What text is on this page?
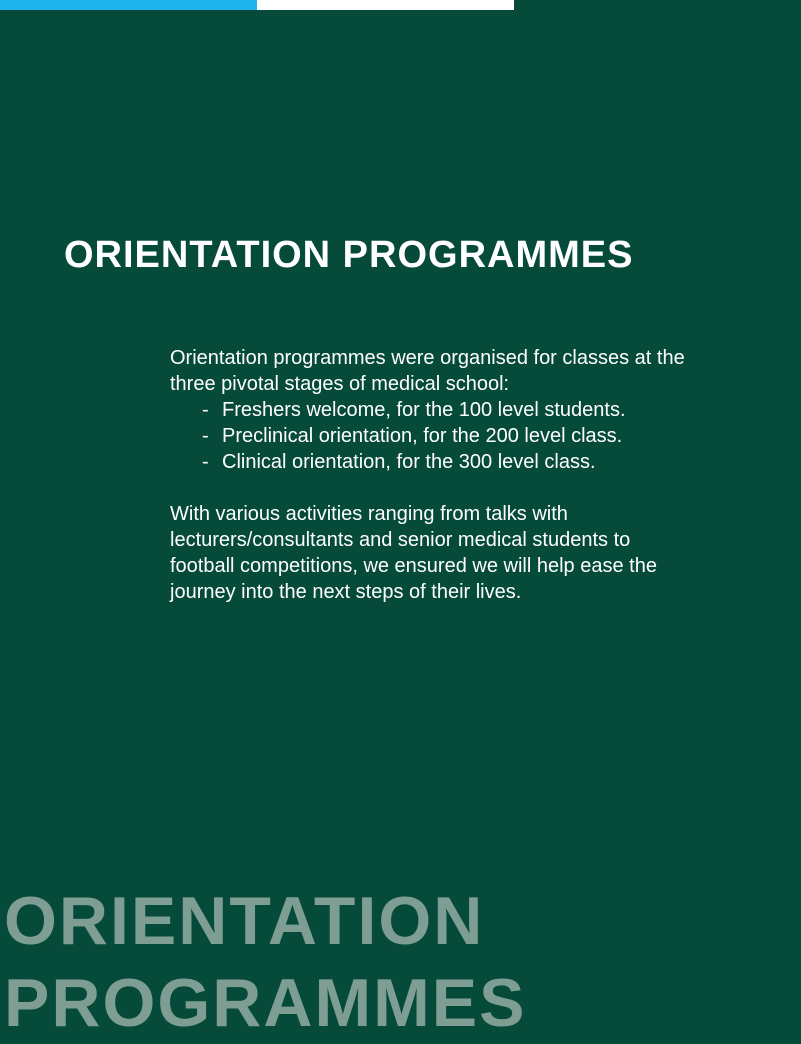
ORIENTATION PROGRAMMES

Orientation programmes were organised for classes at the three pivotal stages of medical school:

- Freshers welcome, for the 100 level students.
- Preclinical orientation, for the 200 level class.
- Clinical orientation, for the 300 level class.

With various activities ranging from talks with lecturers/consultants and senior medical students to football competitions, we ensured we will help ease the journey into the next steps of their lives.

ORIENTATION
PROGRAMMES
